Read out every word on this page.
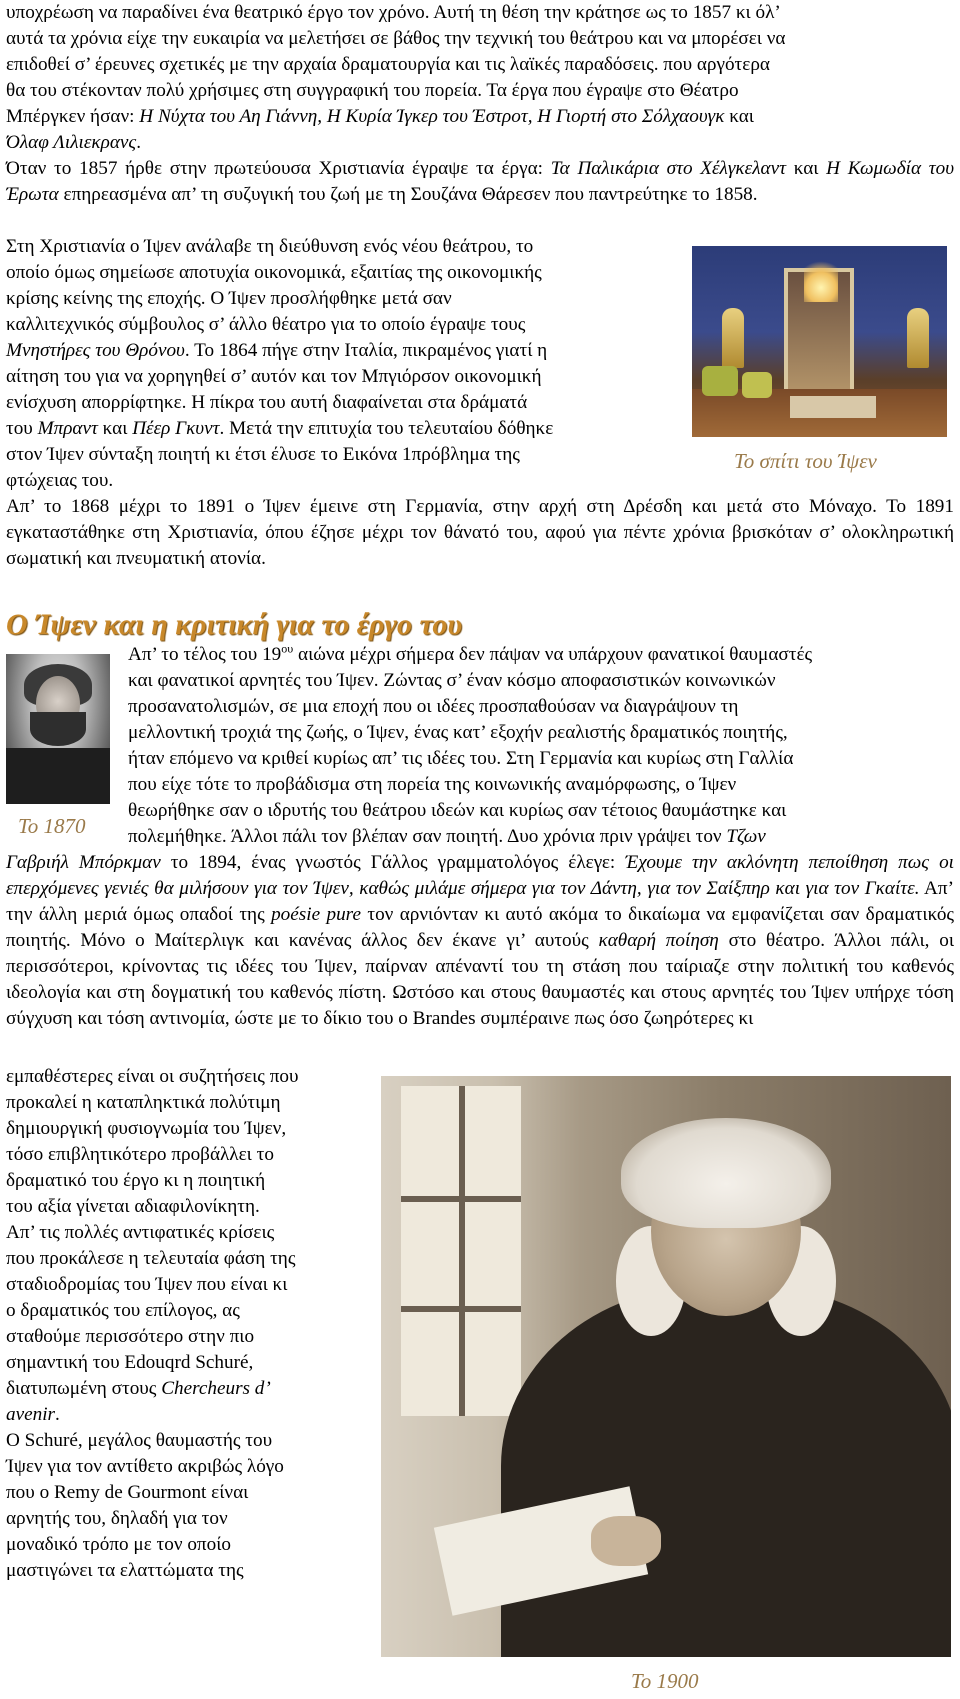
υποχρέωση να παραδίνει ένα θεατρικό έργο τον χρόνο. Αυτή τη θέση την κράτησε ως το 1857 κι όλ’

αυτά τα χρόνια είχε την ευκαιρία να μελετήσει σε βάθος την τεχνική του θεάτρου και να μπορέσει να

επιδοθεί σ’ έρευνες σχετικές με την αρχαία δραματουργία και τις λαϊκές παραδόσεις. που αργότερα

θα του στέκονταν πολύ χρήσιμες στη συγγραφική του πορεία. Τα έργα που έγραψε στο Θέατρο

Μπέργκεν ήσαν: Η Νύχτα του Αη Γιάννη, Η Κυρία Ίγκερ του Έστροτ, Η Γιορτή στο Σόλχαουγκ και

Όλαφ Λιλιεκρανς.

Όταν το 1857 ήρθε στην πρωτεύουσα Χριστιανία έγραψε τα έργα: Τα Παλικάρια στο Χέλγκελαντ και Η Κωμωδία του Έρωτα επηρεασμένα απ’ τη συζυγική του ζωή με τη Σουζάνα Θάρεσεν που παντρεύτηκε το 1858.

Στη Χριστιανία ο Ίψεν ανάλαβε τη διεύθυνση ενός νέου θεάτρου, το

οποίο όμως σημείωσε αποτυχία οικονομικά, εξαιτίας της οικονομικής

κρίσης κείνης της εποχής. Ο Ίψεν προσλήφθηκε μετά σαν

καλλιτεχνικός σύμβουλος σ’ άλλο θέατρο για το οποίο έγραψε τους

Μνηστήρες του Θρόνου. Το 1864 πήγε στην Ιταλία, πικραμένος γιατί η

αίτηση του για να χορηγηθεί σ’ αυτόν και τον Μπγιόρσον οικονομική

ενίσχυση απορρίφτηκε. Η πίκρα του αυτή διαφαίνεται στα δράματά

του Μπραντ και Πέερ Γκυντ. Μετά την επιτυχία του τελευταίου δόθηκε

στον Ίψεν σύνταξη ποιητή κι έτσι έλυσε το Εικόνα 1πρόβλημα της

φτώχειας του.

Το σπίτι του Ίψεν

Απ’ το 1868 μέχρι το 1891 ο Ίψεν έμεινε στη Γερμανία, στην αρχή στη Δρέσδη και μετά στο Μόναχο. Το 1891 εγκαταστάθηκε στη Χριστιανία, όπου έζησε μέχρι τον θάνατό του, αφού για πέντε χρόνια βρισκόταν σ’ ολοκληρωτική σωματική και πνευματική ατονία.

Ο Ίψεν και η κριτική για το έργο του
Το 1870

Απ’ το τέλος του $19^{o\upsilon}$ αιώνα μέχρι σήμερα δεν πάψαν να υπάρχουν φανατικοί θαυμαστές

και φανατικοί αρνητές του Ίψεν. Ζώντας σ’ έναν κόσμο αποφασιστικών κοινωνικών

προσανατολισμών, σε μια εποχή που οι ιδέες προσπαθούσαν να διαγράψουν τη

μελλοντική τροχιά της ζωής, ο Ίψεν, ένας κατ’ εξοχήν ρεαλιστής δραματικός ποιητής,

ήταν επόμενο να κριθεί κυρίως απ’ τις ιδέες του. Στη Γερμανία και κυρίως στη Γαλλία

που είχε τότε το προβάδισμα στη πορεία της κοινωνικής αναμόρφωσης, ο Ίψεν

θεωρήθηκε σαν ο ιδρυτής του θεάτρου ιδεών και κυρίως σαν τέτοιος θαυμάστηκε και

πολεμήθηκε. Άλλοι πάλι τον βλέπαν σαν ποιητή. Δυο χρόνια πριν γράψει τον Τζων

Γαβριήλ Μπόρκμαν το 1894, ένας γνωστός Γάλλος γραμματολόγος έλεγε: Έχουμε την ακλόνητη πεποίθηση πως οι επερχόμενες γενιές θα μιλήσουν για τον Ίψεν, καθώς μιλάμε σήμερα για τον Δάντη, για τον Σαίξπηρ και για τον Γκαίτε. Απ’ την άλλη μεριά όμως οπαδοί της poésie pure τον αρνιόνταν κι αυτό ακόμα το δικαίωμα να εμφανίζεται σαν δραματικός ποιητής. Μόνο ο Μαίτερλιγκ και κανένας άλλος δεν έκανε γι’ αυτούς καθαρή ποίηση στο θέατρο. Άλλοι πάλι, οι περισσότεροι, κρίνοντας τις ιδέες του Ίψεν, παίρναν απέναντί του τη στάση που ταίριαζε στην πολιτική του καθενός ιδεολογία και στη δογματική του καθενός πίστη. Ωστόσο και στους θαυμαστές και στους αρνητές του Ίψεν υπήρχε τόση σύγχυση και τόση αντινομία, ώστε με το δίκιο του ο Brandes συμπέραινε πως όσο ζωηρότερες κι

εμπαθέστερες είναι οι συζητήσεις που

προκαλεί η καταπληκτικά πολύτιμη

δημιουργική φυσιογνωμία του Ίψεν,

τόσο επιβλητικότερο προβάλλει το

δραματικό του έργο κι η ποιητική

του αξία γίνεται αδιαφιλονίκητη.

Απ’ τις πολλές αντιφατικές κρίσεις

που προκάλεσε η τελευταία φάση της

σταδιοδρομίας του Ίψεν που είναι κι

ο δραματικός του επίλογος, ας

σταθούμε περισσότερο στην πιο

σημαντική του Edouqrd Schuré,

διατυπωμένη στους Chercheurs d’

avenir.

O Schuré, μεγάλος θαυμαστής του

Ίψεν για τον αντίθετο ακριβώς λόγο

που ο Remy de Gourmont είναι

αρνητής του, δηλαδή για τον

μοναδικό τρόπο με τον οποίο

μαστιγώνει τα ελαττώματα της

Το 1900
